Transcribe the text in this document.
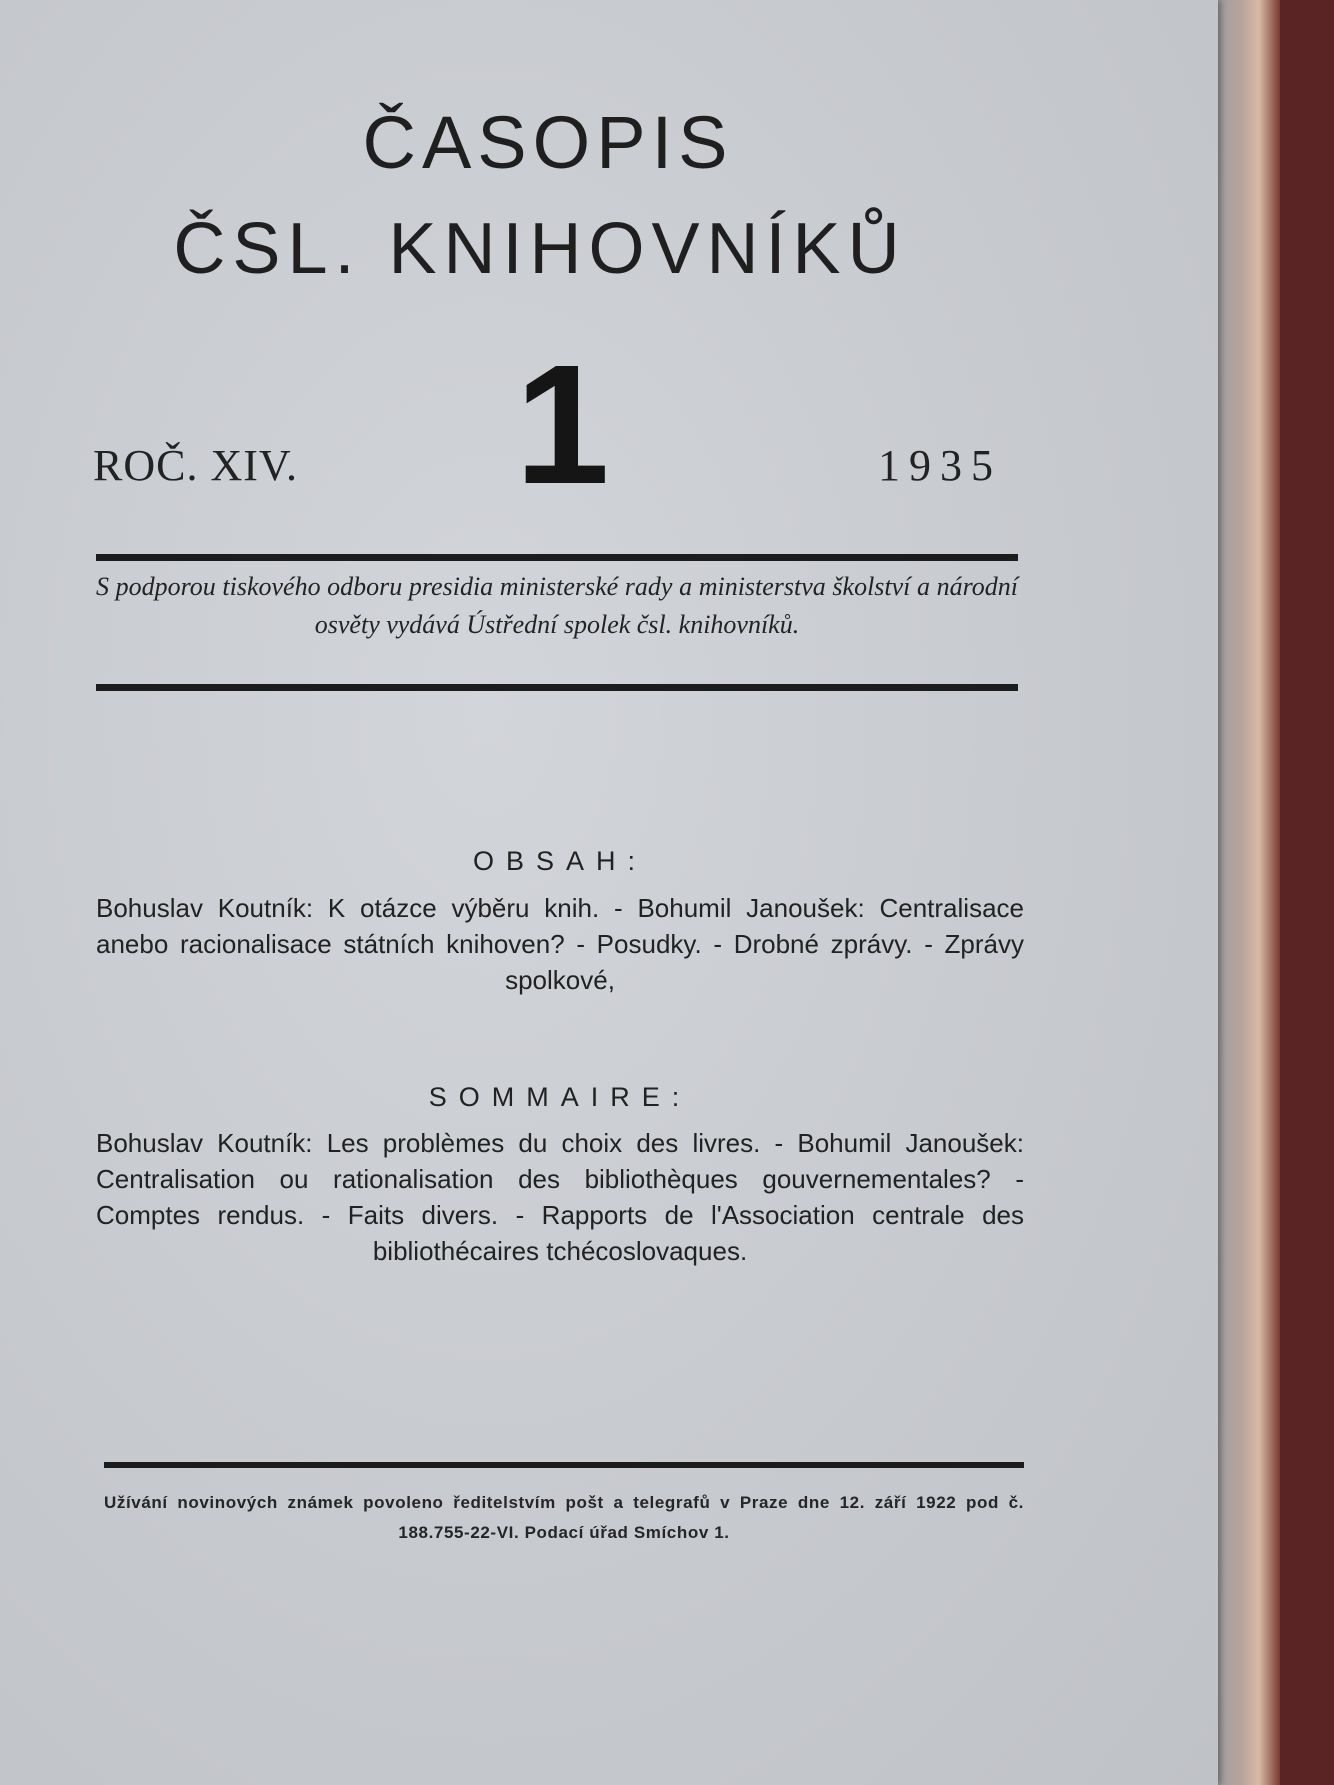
ČASOPIS
ČSL. KNIHOVNÍKŮ
ROČ. XIV. 1	1935
S podporou tiskového odboru presidia ministerské rady a ministerstva školství a národní osvěty vydává Ústřední spolek čsl. knihovníků.
OBSAH:
Bohuslav Koutník: K otázce výběru knih. - Bohumil Janoušek: Centralisace anebo racionalisace státních knihoven? - Posudky. - Drobné zprávy. - Zprávy spolkové,
SOMMAIRE:
Bohuslav Koutník: Les problèmes du choix des livres. - Bohumil Janoušek: Centralisation ou rationalisation des bibliothèques gouvernementales? - Comptes rendus. - Faits divers. - Rapports de l'Association centrale des bibliothécaires tchécoslovaques.
Užívání novinových známek povoleno ředitelstvím pošt a telegrafů v Praze dne 12. září 1922 pod č. 188.755-22-VI. Podací úřad Smíchov 1.
